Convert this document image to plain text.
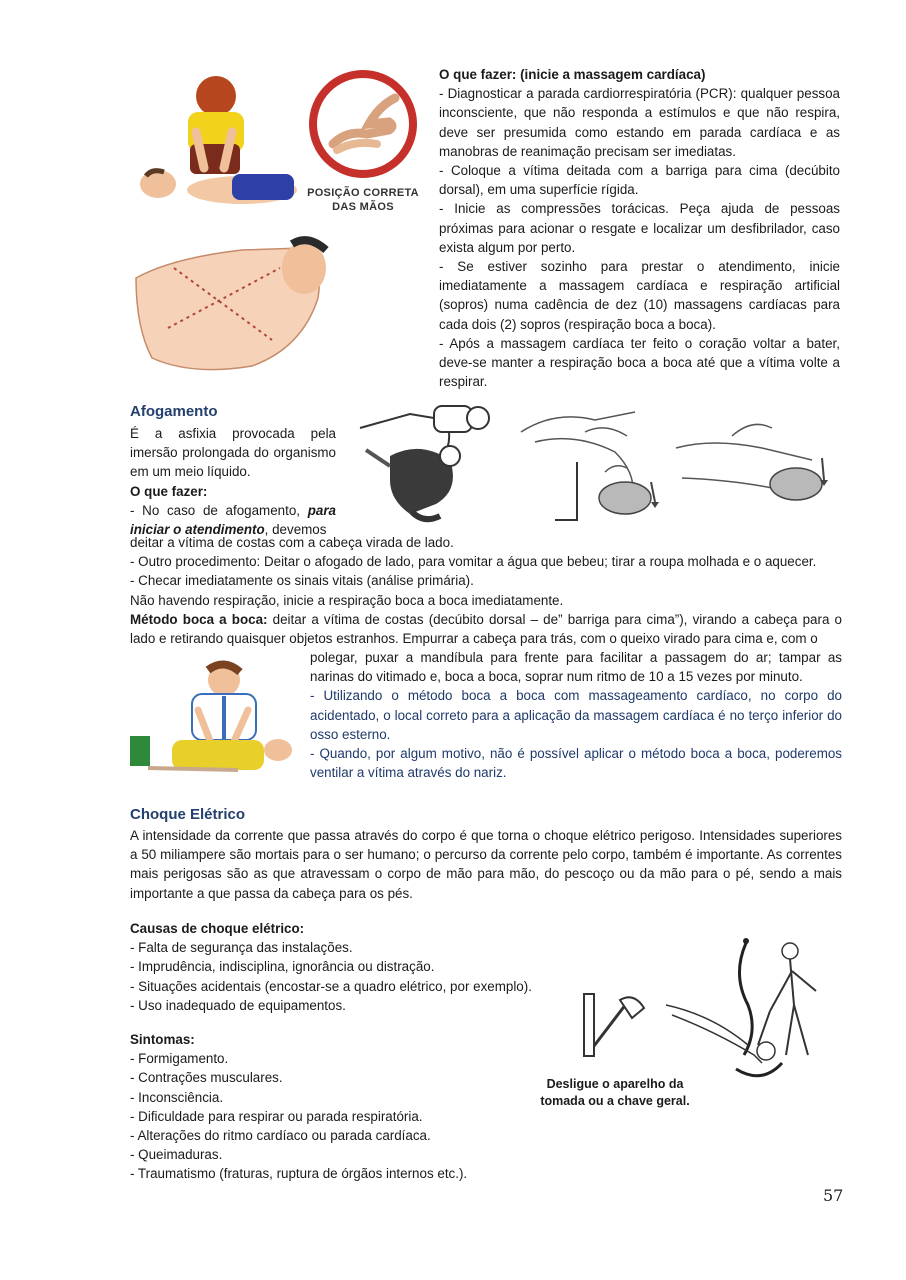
POSIÇÃO CORRETA
DAS MÃOS

O que fazer: (inicie a massagem cardíaca)

- Diagnosticar a parada cardiorrespiratória (PCR): qualquer pessoa inconsciente, que não responda a estímulos e que não respira, deve ser presumida como estando em parada cardíaca e as manobras de reanimação precisam ser imediatas.

- Coloque a vítima deitada com a barriga para cima (decúbito dorsal), em uma superfície rígida.

- Inicie as compressões torácicas. Peça ajuda de pessoas próximas para acionar o resgate e localizar um desfibrilador, caso exista algum por perto.

- Se estiver sozinho para prestar o atendimento, inicie imediatamente a massagem cardíaca e respiração artificial (sopros) numa cadência de dez (10) massagens cardíacas para cada dois (2) sopros (respiração boca a boca).

- Após a massagem cardíaca ter feito o coração voltar a bater, deve-se manter a respiração boca a boca até que a vítima volte a respirar.

Afogamento

É a asfixia provocada pela imersão prolongada do organismo em um meio líquido.

O que fazer:

- No caso de afogamento, para iniciar o atendimento, devemos

deitar a vítima de costas com a cabeça virada de lado.

- Outro procedimento: Deitar o afogado de lado, para vomitar a água que bebeu; tirar a roupa molhada e o aquecer.

- Checar imediatamente os sinais vitais (análise primária).

Não havendo respiração, inicie a respiração boca a boca imediatamente.

Método boca a boca: deitar a vítima de costas (decúbito dorsal – de” barriga para cima”), virando a cabeça para o lado e retirando quaisquer objetos estranhos. Empurrar a cabeça para trás, com o queixo virado para cima e, com o

polegar, puxar a mandíbula para frente para facilitar a passagem do ar; tampar as narinas do vitimado e, boca a boca, soprar num ritmo de 10 a 15 vezes por minuto.

- Utilizando o método boca a boca com massageamento cardíaco, no corpo do acidentado, o local correto para a aplicação da massagem cardíaca é no terço inferior do osso esterno.

- Quando, por algum motivo, não é possível aplicar o método boca a boca, poderemos ventilar a vítima através do nariz.

Choque Elétrico
A intensidade da corrente que passa através do corpo é que torna o choque elétrico perigoso. Intensidades superiores a 50 miliampere são mortais para o ser humano; o percurso da corrente pelo corpo, também é importante. As correntes mais perigosas são as que atravessam o corpo de mão para mão, do pescoço ou da mão para o pé, sendo a mais importante a que passa da cabeça para os pés.

Causas de choque elétrico:

- Falta de segurança das instalações.

- Imprudência, indisciplina, ignorância ou distração.

- Situações acidentais (encostar-se a quadro elétrico, por exemplo).

- Uso inadequado de equipamentos.

Sintomas:

- Formigamento.

- Contrações musculares.

- Inconsciência.

- Dificuldade para respirar ou parada respiratória.

- Alterações do ritmo cardíaco ou parada cardíaca.

- Queimaduras.

- Traumatismo (fraturas, ruptura de órgãos internos etc.).

Desligue o aparelho da
tomada ou a chave geral.
57
